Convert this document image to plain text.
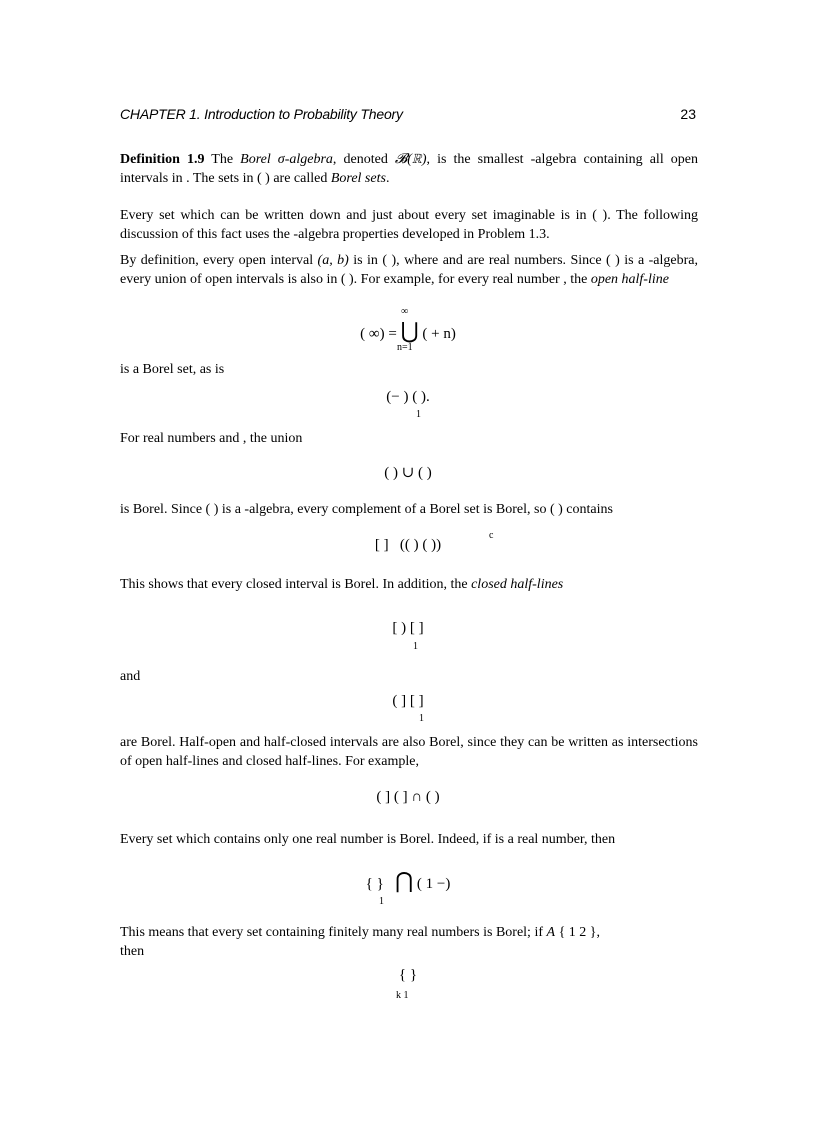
CHAPTER 1. Introduction to Probability Theory	23
Definition 1.9 The Borel σ-algebra, denoted 𝓑(ℝ), is the smallest -algebra containing all open intervals in . The sets in ( ) are called Borel sets.
Every set which can be written down and just about every set imaginable is in ( ). The following discussion of this fact uses the -algebra properties developed in Problem 1.3.
By definition, every open interval (a, b) is in ( ), where and are real numbers. Since ( ) is a -algebra, every union of open intervals is also in ( ). For example, for every real number , the open half-line
( ∞) = ⋃ ( + n)
∞
n=1
is a Borel set, as is
(− ) ( ).
1
For real numbers and , the union
( ) ∪ ( )
is Borel. Since ( ) is a -algebra, every complement of a Borel set is Borel, so ( ) contains
[ ] (( ) ( ))
c
This shows that every closed interval is Borel. In addition, the closed half-lines
[ ) [ ]
1
and
( ] [ ]
1
are Borel. Half-open and half-closed intervals are also Borel, since they can be written as intersections of open half-lines and closed half-lines. For example,
( ] ( ] ∩ ( )
Every set which contains only one real number is Borel. Indeed, if is a real number, then
{ } ⋂ ( 1 −)
1
This means that every set containing finitely many real numbers is Borel; if A { 1 2 },
then
{ }
k 1
